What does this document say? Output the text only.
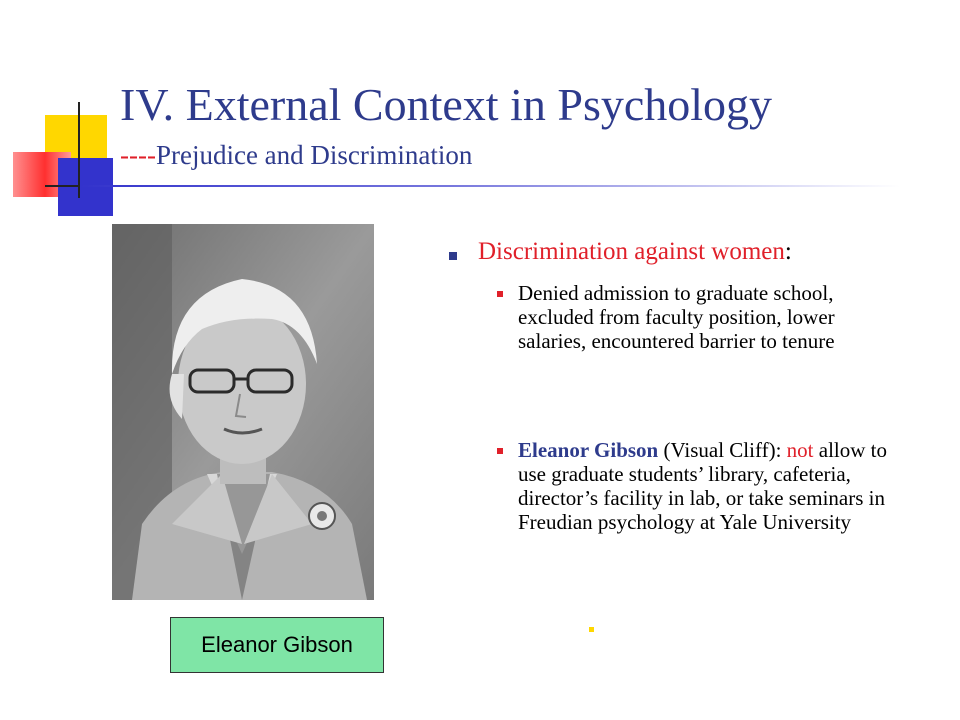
IV. External Context in Psychology
----Prejudice and Discrimination
Eleanor Gibson
Discrimination against women:

Denied admission to graduate school, excluded from faculty position, lower salaries, encountered barrier to tenure

Eleanor Gibson (Visual Cliff): not allow to use graduate students’ library, cafeteria, director’s facility in lab, or take seminars in Freudian psychology at Yale University
